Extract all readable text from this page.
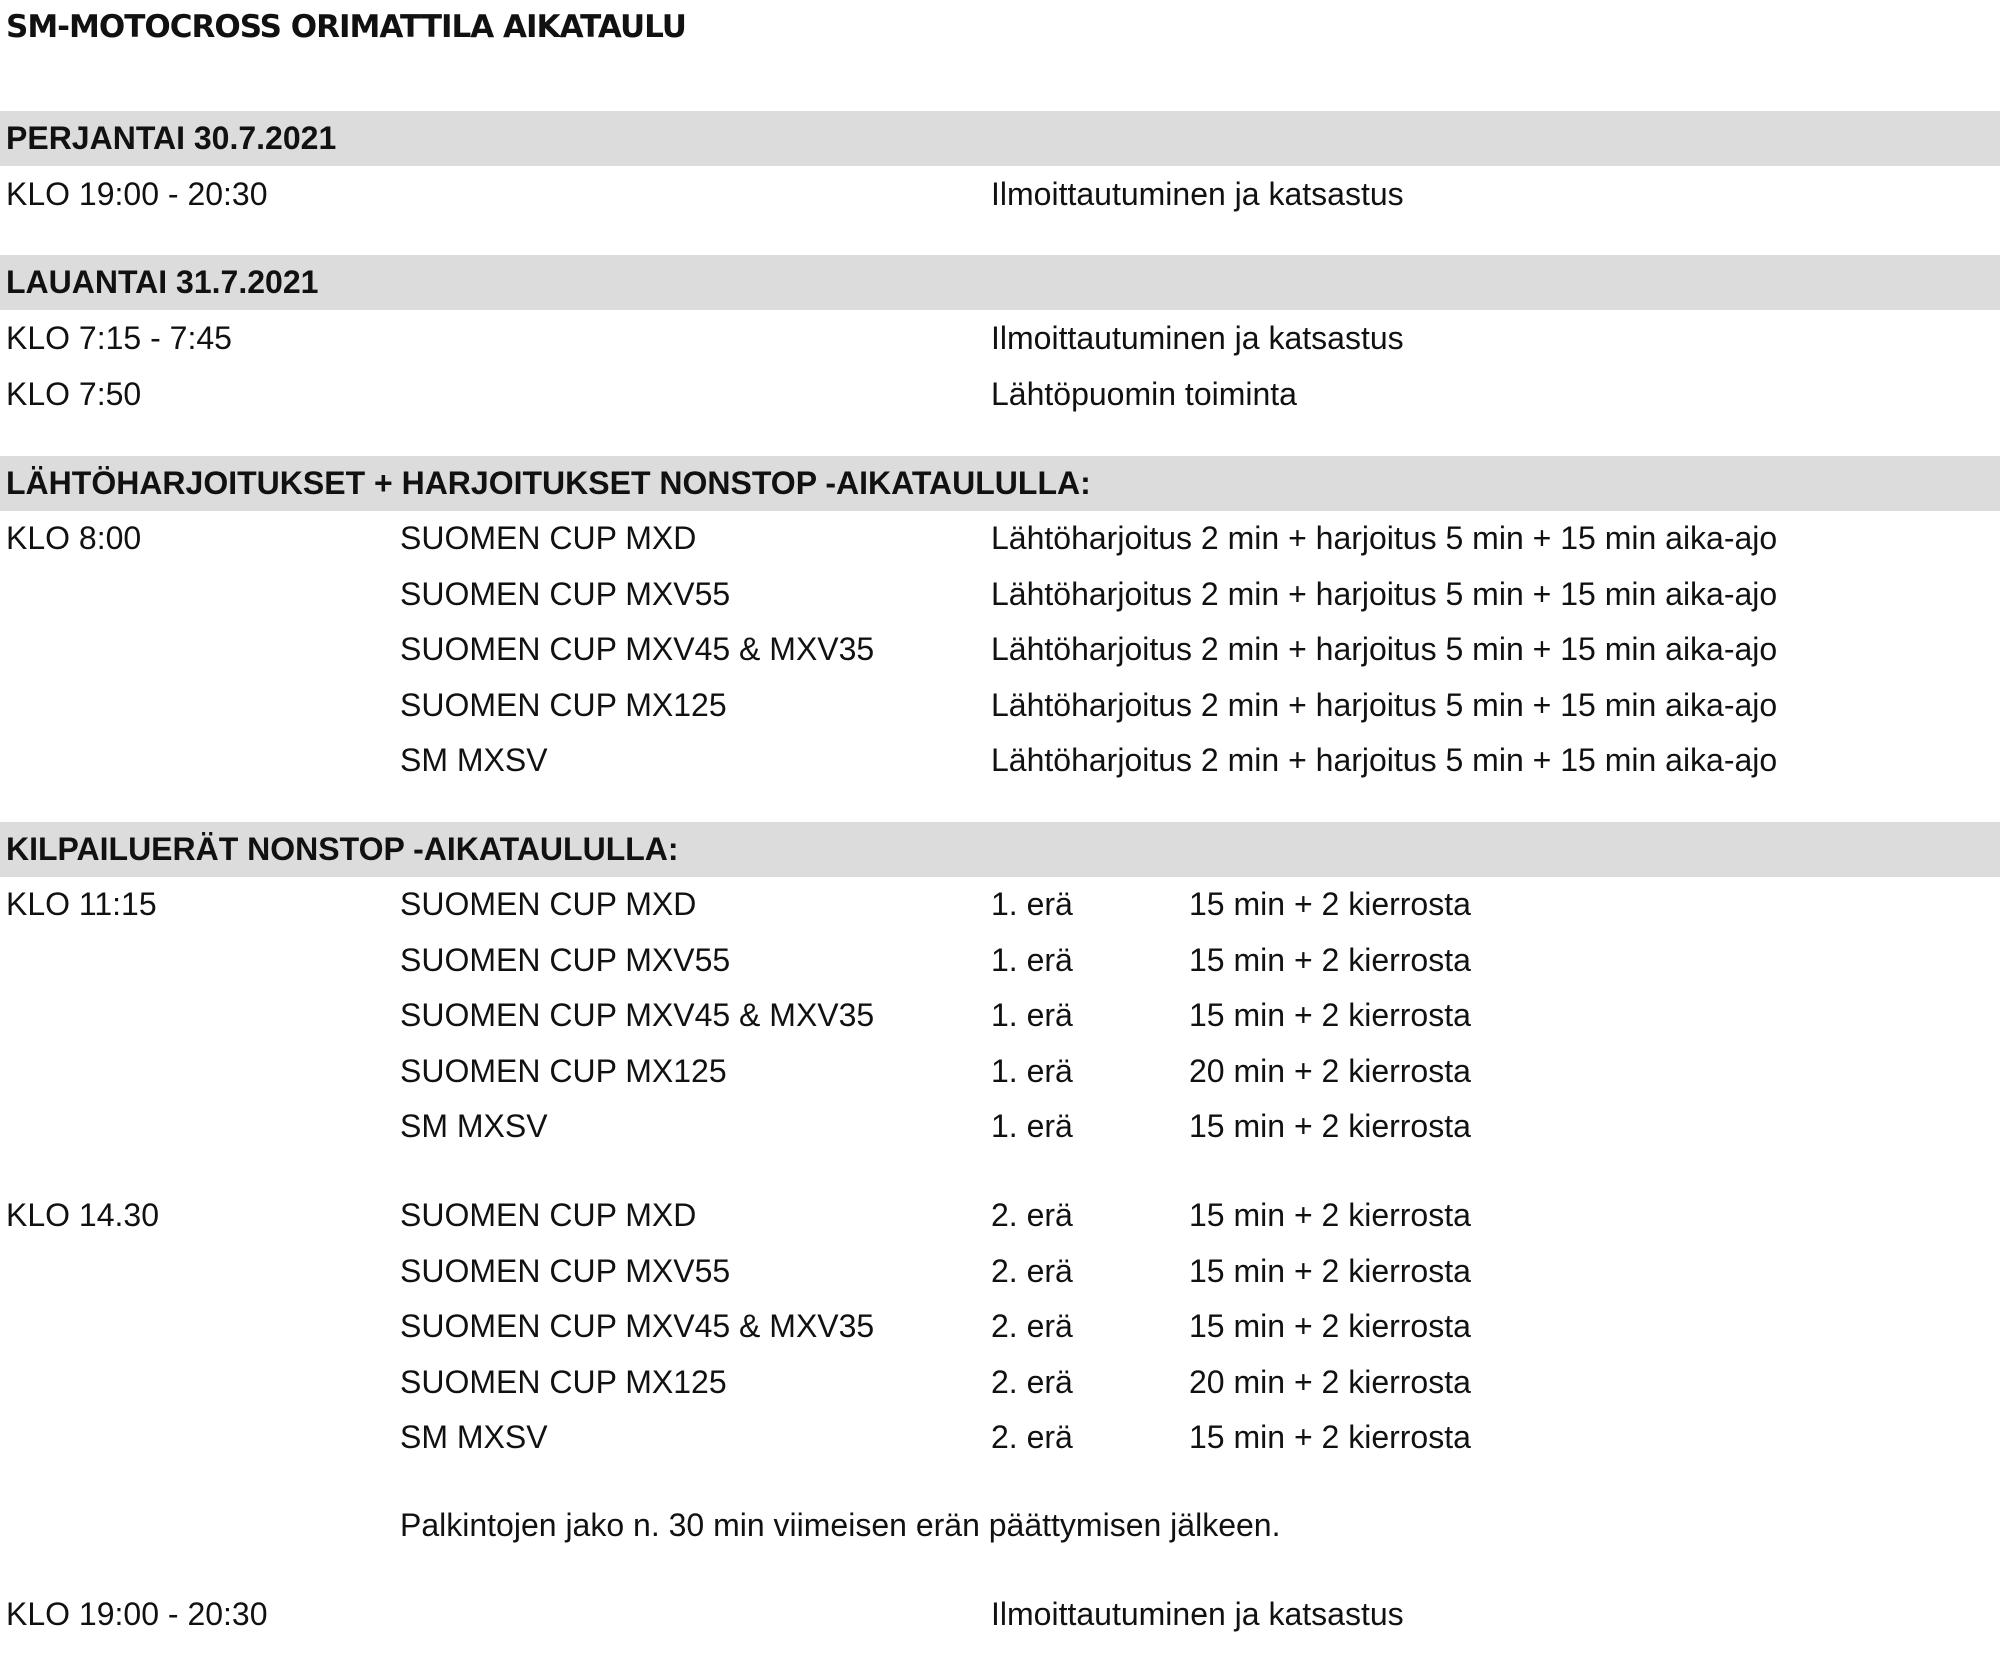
SM-MOTOCROSS ORIMATTILA AIKATAULU
PERJANTAI 30.7.2021
KLO 19:00 - 20:30	Ilmoittautuminen ja katsastus
LAUANTAI 31.7.2021
KLO 7:15 - 7:45	Ilmoittautuminen ja katsastus
KLO 7:50	Lähtöpuomin toiminta
LÄHTÖHARJOITUKSET + HARJOITUKSET NONSTOP -AIKATAULULLA:
KLO 8:00	SUOMEN CUP MXD	Lähtöharjoitus 2 min + harjoitus 5 min + 15 min aika-ajo
SUOMEN CUP MXV55	Lähtöharjoitus 2 min + harjoitus 5 min + 15 min aika-ajo
SUOMEN CUP MXV45 & MXV35	Lähtöharjoitus 2 min + harjoitus 5 min + 15 min aika-ajo
SUOMEN CUP MX125	Lähtöharjoitus 2 min + harjoitus 5 min + 15 min aika-ajo
SM MXSV	Lähtöharjoitus 2 min + harjoitus 5 min + 15 min aika-ajo
KILPAILUERÄT NONSTOP -AIKATAULULLA:
KLO 11:15	SUOMEN CUP MXD	1. erä	15 min + 2 kierrosta
SUOMEN CUP MXV55	1. erä	15 min + 2 kierrosta
SUOMEN CUP MXV45 & MXV35	1. erä	15 min + 2 kierrosta
SUOMEN CUP MX125	1. erä	20 min + 2 kierrosta
SM MXSV	1. erä	15 min + 2 kierrosta
KLO 14.30	SUOMEN CUP MXD	2. erä	15 min + 2 kierrosta
SUOMEN CUP MXV55	2. erä	15 min + 2 kierrosta
SUOMEN CUP MXV45 & MXV35	2. erä	15 min + 2 kierrosta
SUOMEN CUP MX125	2. erä	20 min + 2 kierrosta
SM MXSV	2. erä	15 min + 2 kierrosta
Palkintojen jako n. 30 min viimeisen erän päättymisen jälkeen.
KLO 19:00 - 20:30	Ilmoittautuminen ja katsastus
